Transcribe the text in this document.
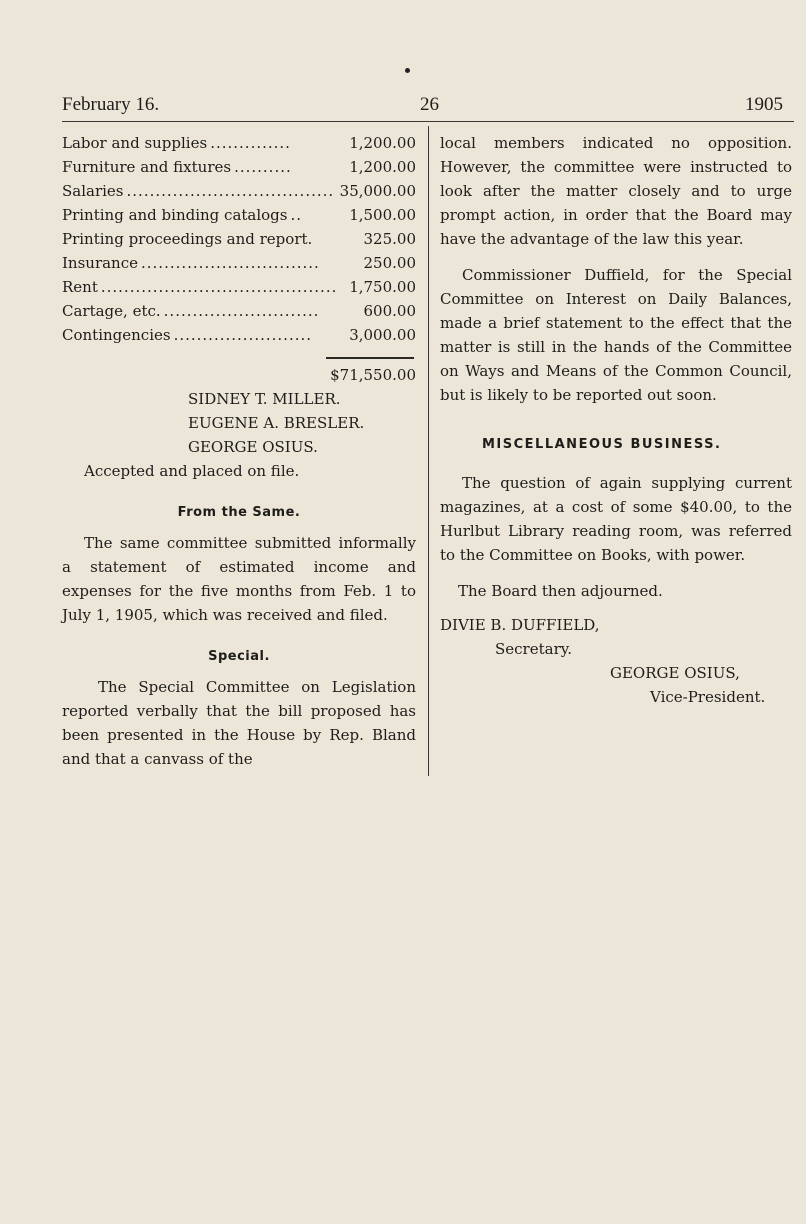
February 16.	26	1905
Labor and supplies ..............	1,200.00
Furniture and fixtures ..........	1,200.00
Salaries .................................... 35,000.00
Printing and binding catalogs ..	1,500.00
Printing proceedings and report.	325.00
Insurance ...............................	250.00
Rent ......................................... 1,750.00
Cartage, etc. ...........................	600.00
Contingencies ........................	3,000.00
$71,550.00
SIDNEY T. MILLER.
EUGENE A. BRESLER.
GEORGE OSIUS.
Accepted and placed on file.
From the Same.

The same committee submitted informally a statement of estimated income and expenses for the five months from Feb. 1 to July 1, 1905, which was received and filed.

Special.

The Special Committee on Legislation reported verbally that the bill proposed has been presented in the House by Rep. Bland and that a canvass of the

local members indicated no opposition. However, the committee were instructed to look after the matter closely and to urge prompt action, in order that the Board may have the advantage of the law this year.

Commissioner Duffield, for the Special Committee on Interest on Daily Balances, made a brief statement to the effect that the matter is still in the hands of the Committee on Ways and Means of the Common Council, but is likely to be reported out soon.

MISCELLANEOUS BUSINESS.

The question of again supplying current magazines, at a cost of some $40.00, to the Hurlbut Library reading room, was referred to the Committee on Books, with power.

The Board then adjourned.
DIVIE B. DUFFIELD,
Secretary.
GEORGE OSIUS,
Vice-President.
